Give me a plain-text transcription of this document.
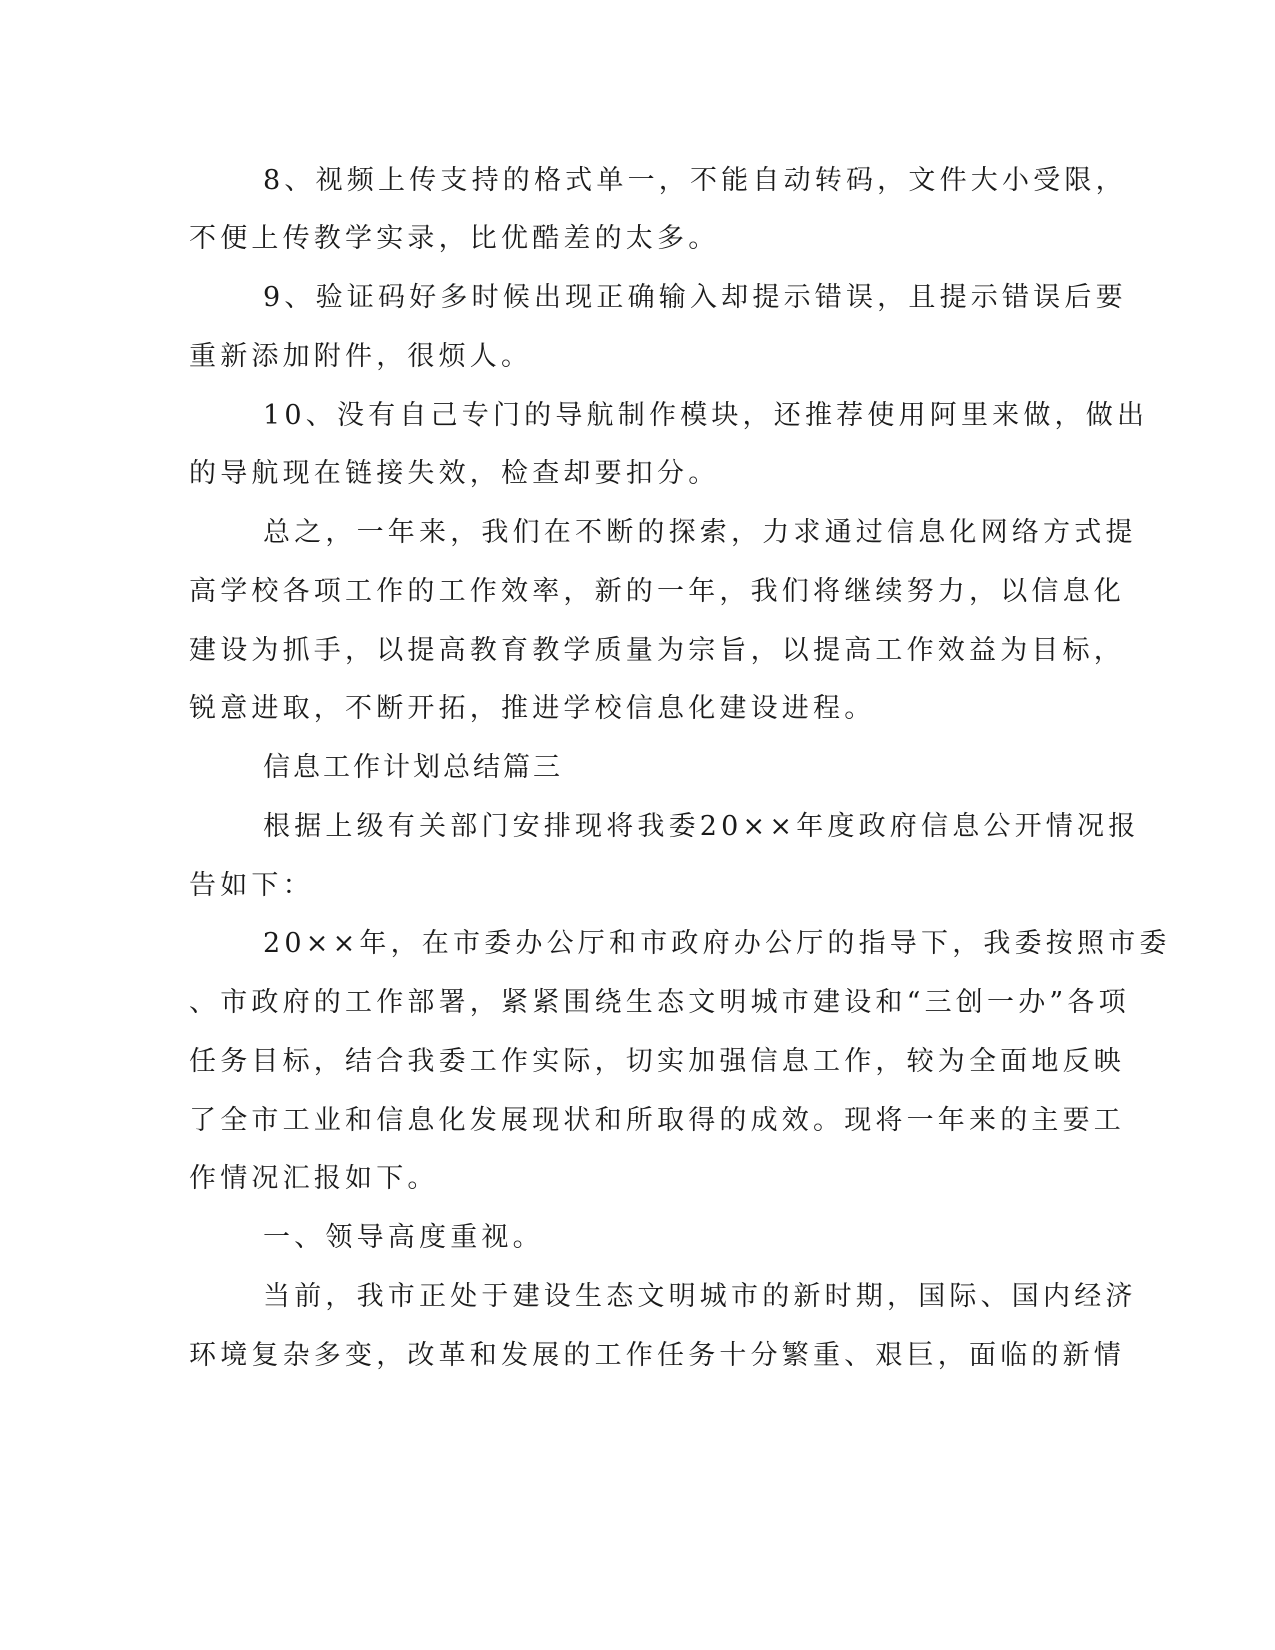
8、视频上传支持的格式单一，不能自动转码，文件大小受限，
不便上传教学实录，比优酷差的太多。
9、验证码好多时候出现正确输入却提示错误，且提示错误后要
重新添加附件，很烦人。
10、没有自己专门的导航制作模块，还推荐使用阿里来做，做出
的导航现在链接失效，检查却要扣分。
总之，一年来，我们在不断的探索，力求通过信息化网络方式提
高学校各项工作的工作效率，新的一年，我们将继续努力，以信息化
建设为抓手，以提高教育教学质量为宗旨，以提高工作效益为目标，
锐意进取，不断开拓，推进学校信息化建设进程。
信息工作计划总结篇三
根据上级有关部门安排现将我委20××年度政府信息公开情况报
告如下：
20××年，在市委办公厅和市政府办公厅的指导下，我委按照市委
、市政府的工作部署，紧紧围绕生态文明城市建设和“三创一办”各项
任务目标，结合我委工作实际，切实加强信息工作，较为全面地反映
了全市工业和信息化发展现状和所取得的成效。现将一年来的主要工
作情况汇报如下。
一、领导高度重视。
当前，我市正处于建设生态文明城市的新时期，国际、国内经济
环境复杂多变，改革和发展的工作任务十分繁重、艰巨，面临的新情
